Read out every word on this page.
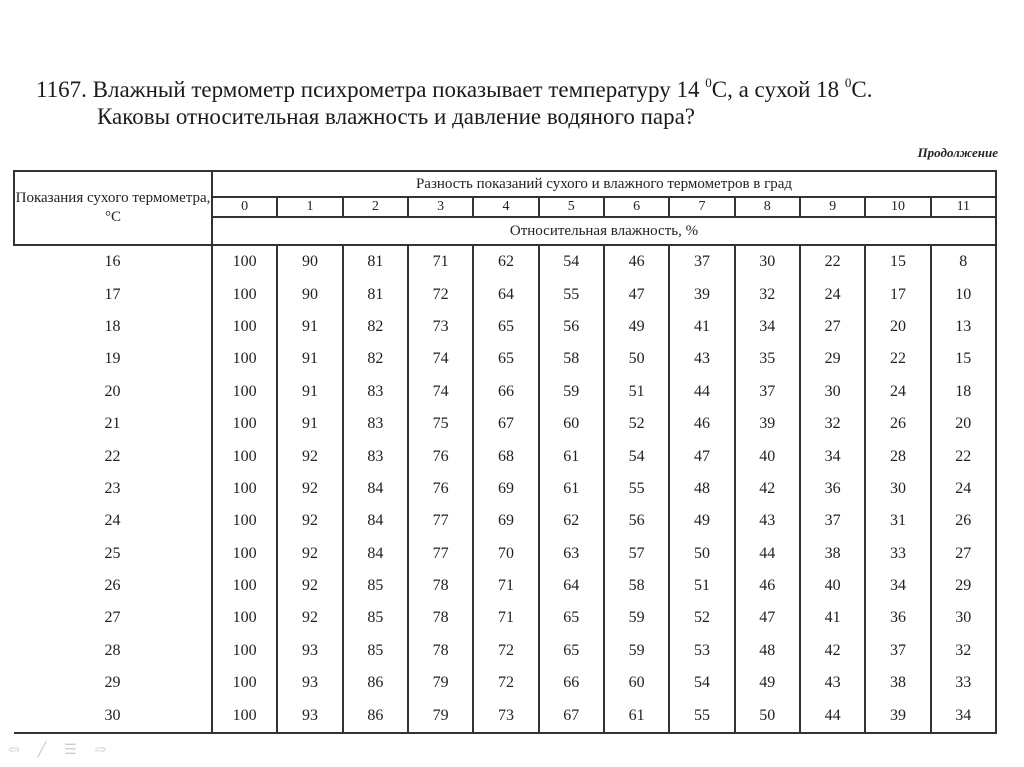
1167. Влажный термометр психрометра показывает температуру 14 $^0$С, а сухой 18 $^0$С.
Каковы относительная влажность и давление водяного пара?
Продолжение
Показания сухого термометра, °С	Разность показаний сухого и влажного термометров в град											
	0	1	2	3	4	5	6	7	8	9	10	11
	Относительная влажность, %											
16	100	90	81	71	62	54	46	37	30	22	15	8
17	100	90	81	72	64	55	47	39	32	24	17	10
18	100	91	82	73	65	56	49	41	34	27	20	13
19	100	91	82	74	65	58	50	43	35	29	22	15
20	100	91	83	74	66	59	51	44	37	30	24	18
21	100	91	83	75	67	60	52	46	39	32	26	20
22	100	92	83	76	68	61	54	47	40	34	28	22
23	100	92	84	76	69	61	55	48	42	36	30	24
24	100	92	84	77	69	62	56	49	43	37	31	26
25	100	92	84	77	70	63	57	50	44	38	33	27
26	100	92	85	78	71	64	58	51	46	40	34	29
27	100	92	85	78	71	65	59	52	47	41	36	30
28	100	93	85	78	72	65	59	53	48	42	37	32
29	100	93	86	79	72	66	60	54	49	43	38	33
30	100	93	86	79	73	67	61	55	50	44	39	34
⇦ ╱ ☰ ⇨
